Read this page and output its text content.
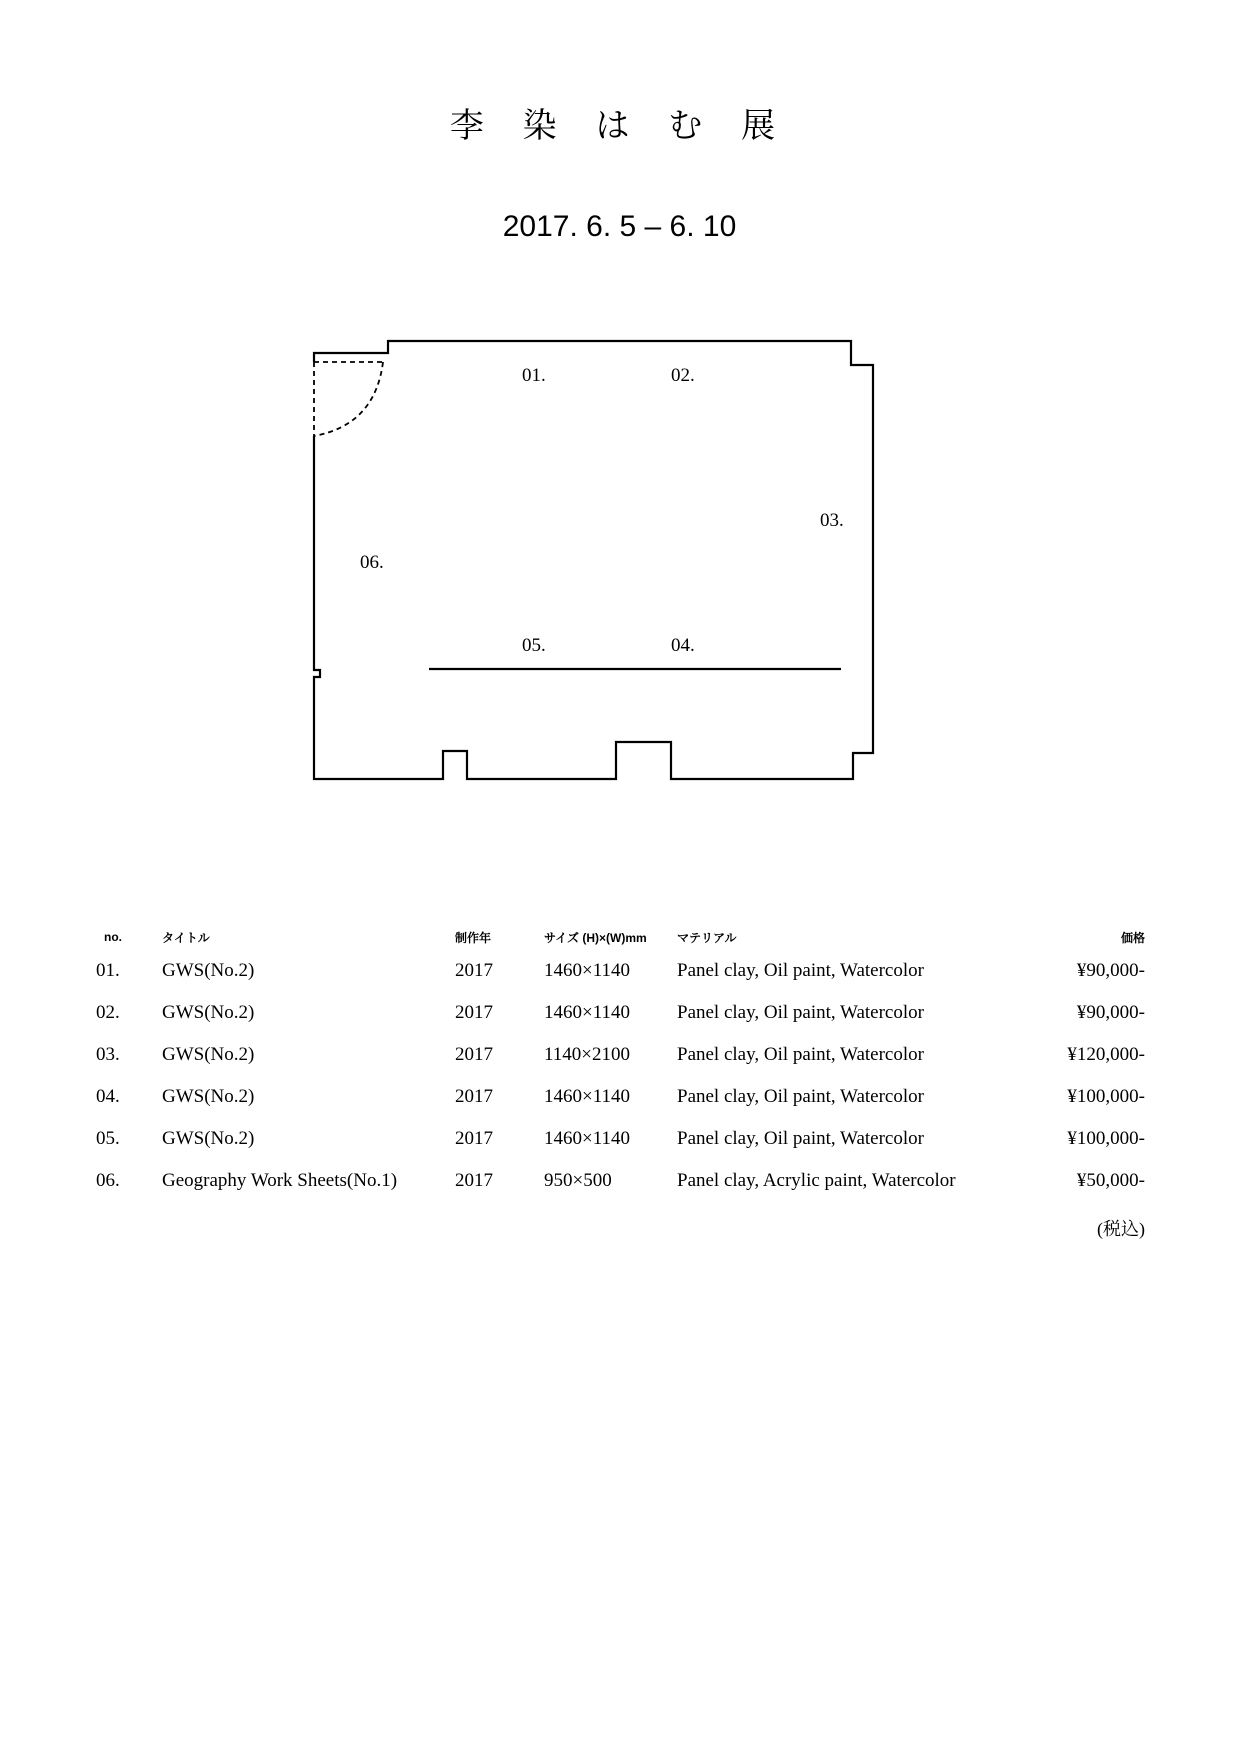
李 染 は む 展
2017. 6. 5 – 6. 10
01.	02.
03.
04.
05.
06.
no.	タイトル	制作年	サイズ (H)×(W)mm	マテリアル	価格
01.	GWS(No.2)	2017	1460×1140	Panel clay, Oil paint, Watercolor	¥90,000-
02.	GWS(No.2)	2017	1460×1140	Panel clay, Oil paint, Watercolor	¥90,000-
03.	GWS(No.2)	2017	1140×2100	Panel clay, Oil paint, Watercolor	¥120,000-
04.	GWS(No.2)	2017	1460×1140	Panel clay, Oil paint, Watercolor	¥100,000-
05.	GWS(No.2)	2017	1460×1140	Panel clay, Oil paint, Watercolor	¥100,000-
06.	Geography Work Sheets(No.1)	2017	950×500	Panel clay, Acrylic paint, Watercolor	¥50,000-
(税込)
